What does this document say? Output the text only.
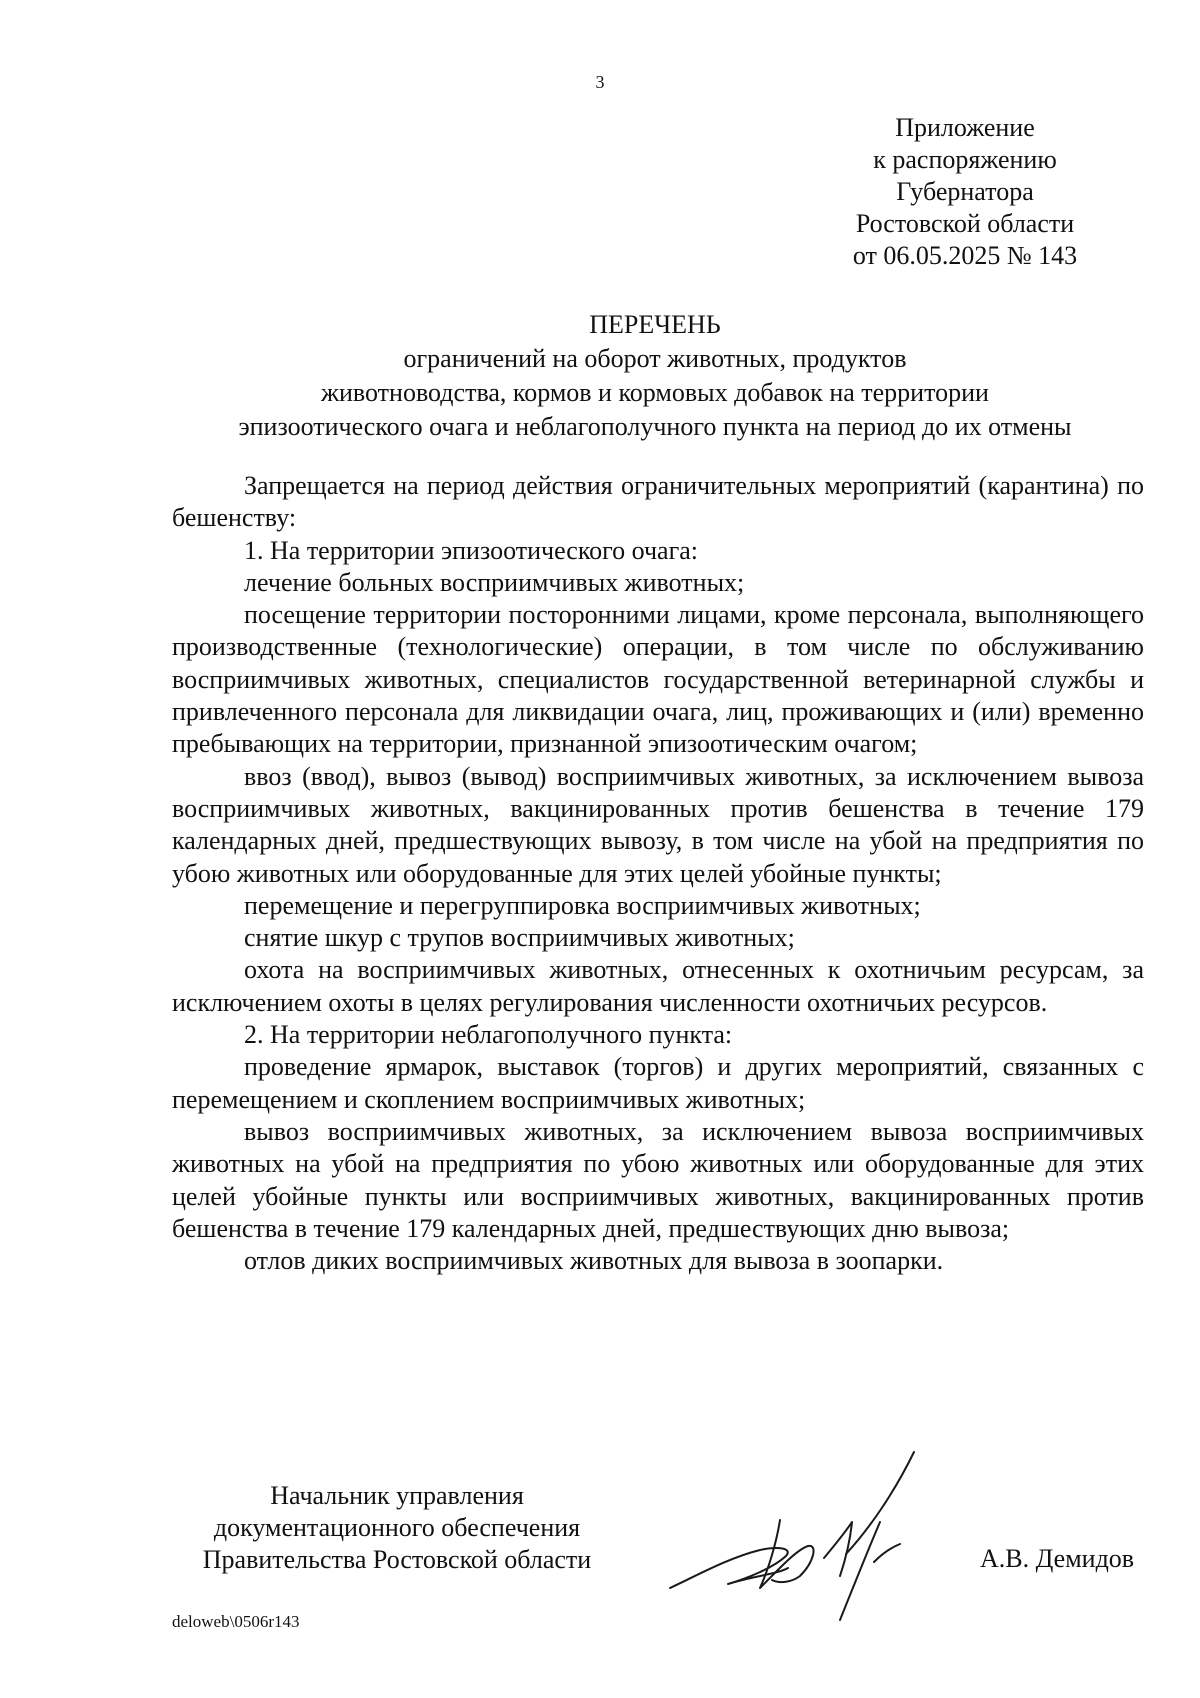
3
Приложение
к распоряжению
Губернатора
Ростовской области
от 06.05.2025 № 143
ПЕРЕЧЕНЬ
ограничений на оборот животных, продуктов
животноводства, кормов и кормовых добавок на территории
эпизоотического очага и неблагополучного пункта на период до их отмены

Запрещается на период действия ограничительных мероприятий (карантина) по бешенству:

1. На территории эпизоотического очага:

лечение больных восприимчивых животных;

посещение территории посторонними лицами, кроме персонала, выполняющего производственные (технологические) операции, в том числе по обслуживанию восприимчивых животных, специалистов государственной ветеринарной службы и привлеченного персонала для ликвидации очага, лиц, проживающих и (или) временно пребывающих на территории, признанной эпизоотическим очагом;

ввоз (ввод), вывоз (вывод) восприимчивых животных, за исключением вывоза восприимчивых животных, вакцинированных против бешенства в течение 179 календарных дней, предшествующих вывозу, в том числе на убой на предприятия по убою животных или оборудованные для этих целей убойные пункты;

перемещение и перегруппировка восприимчивых животных;

снятие шкур с трупов восприимчивых животных;

охота на восприимчивых животных, отнесенных к охотничьим ресурсам, за исключением охоты в целях регулирования численности охотничьих ресурсов.

2. На территории неблагополучного пункта:

проведение ярмарок, выставок (торгов) и других мероприятий, связанных с перемещением и скоплением восприимчивых животных;

вывоз восприимчивых животных, за исключением вывоза восприимчивых животных на убой на предприятия по убою животных или оборудованные для этих целей убойные пункты или восприимчивых животных, вакцинированных против бешенства в течение 179 календарных дней, предшествующих дню вывоза;

отлов диких восприимчивых животных для вывоза в зоопарки.

Начальник управления
документационного обеспечения
Правительства Ростовской области	А.В. Демидов
deloweb\0506r143
